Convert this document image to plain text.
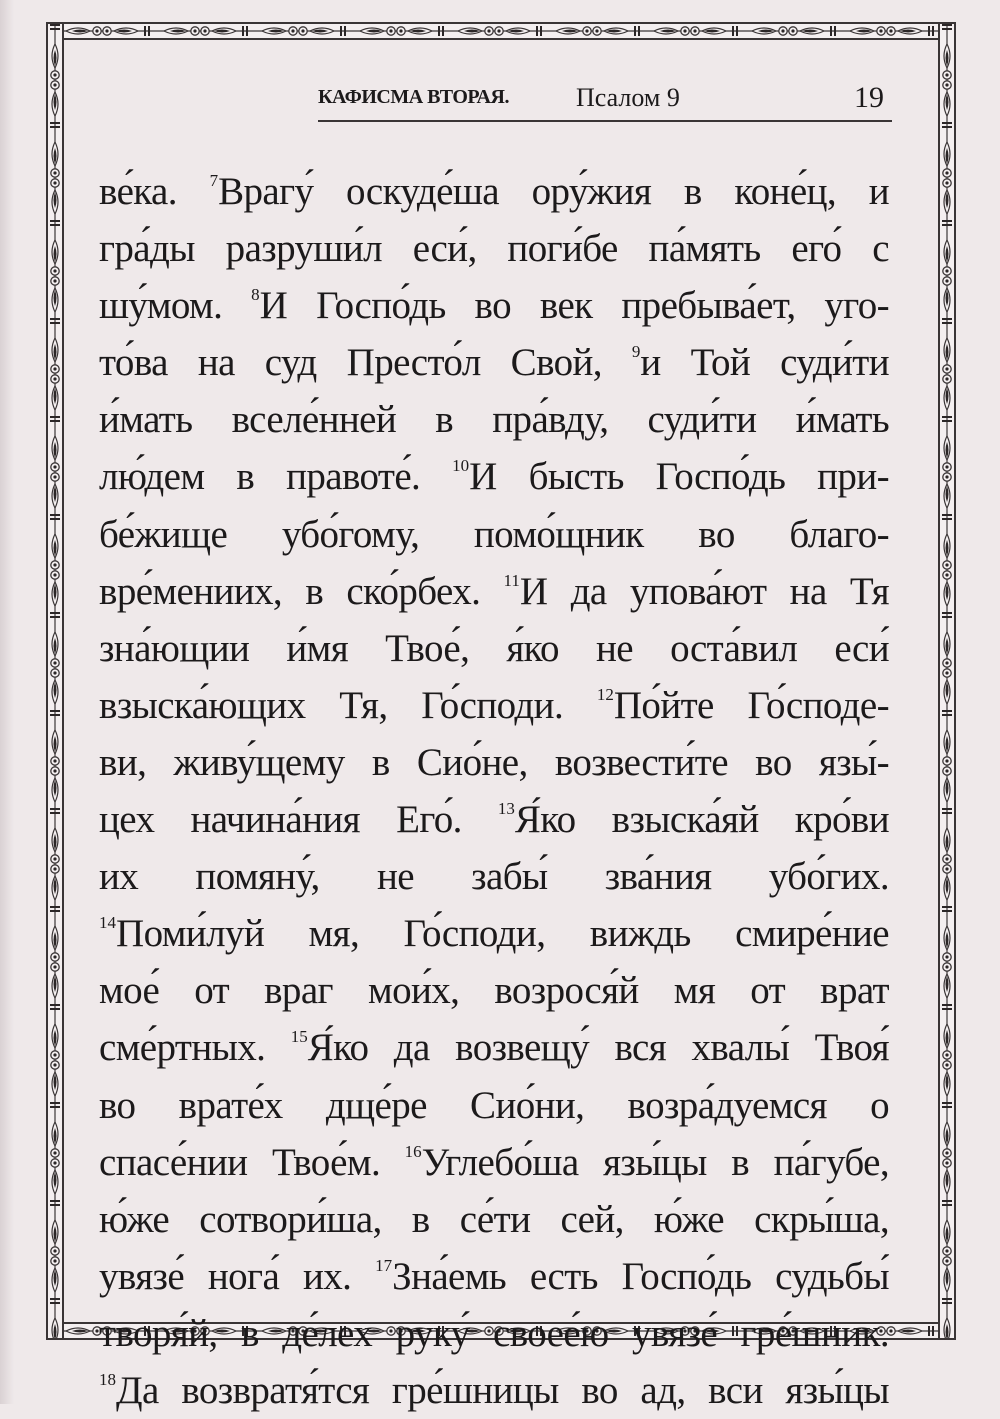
КАФИСМА ВТОРАЯ.	Псалом 9	19
ве́ка. $^7$Врагу́ оскуде́ша ору́жия в коне́ц, и
гра́ды разруши́л еси́, поги́бе па́мять его́ с
шу́мом. $^8$И Госпо́дь во век пребыва́ет, уго-
то́ва на суд Престо́л Свой, $^9$и Той суди́ти
и́мать вселе́нней в пра́вду, суди́ти и́мать
лю́дем в правоте́. $^{10}$И бысть Госпо́дь при-
бе́жище убо́гому, помо́щник во благо-
вре́мениих, в ско́рбех. $^{11}$И да упова́ют на Тя
зна́ющии и́мя Твое́, я́ко не оста́вил еси́
взыска́ющих Тя, Го́споди. $^{12}$По́йте Го́споде-
ви, живу́щему в Сио́не, возвести́те во язы́-
цех начина́ния Его́. $^{13}$Я́ко взыска́яй кро́ви
их помяну́, не забы́ зва́ния убо́гих.
$^{14}$Поми́луй мя, Го́споди, виждь смире́ние
мое́ от враг мои́х, возрося́й мя от врат
сме́ртных. $^{15}$Я́ко да возвещу́ вся хвалы́ Твоя́
во врате́х дще́ре Сио́ни, возра́дуемся о
спасе́нии Твое́м. $^{16}$Углебо́ша язы́цы в па́губе,
ю́же сотвори́ша, в се́ти сей, ю́же скры́ша,
увязе́ нога́ их. $^{17}$Зна́емь есть Госпо́дь судьбы́
творя́й, в де́лех руку́ своее́ю увязе́ гре́шник.
$^{18}$Да возвратя́тся гре́шницы во ад, вси язы́цы
